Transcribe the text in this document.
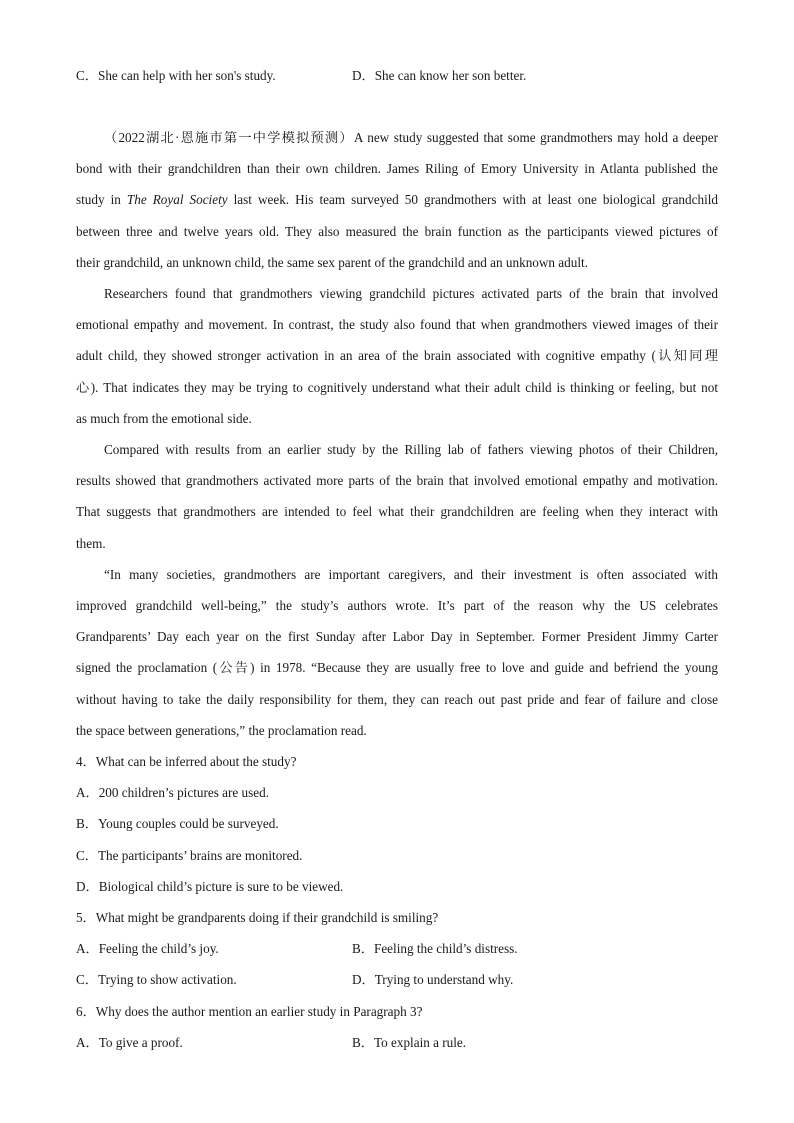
C．She can help with her son's study.	D．She can know her son better.
（2022湖北·恩施市第一中学模拟预测）A new study suggested that some grandmothers may hold a deeper
bond with their grandchildren than their own children. James Riling of Emory University in Atlanta published the
study in The Royal Society last week. His team surveyed 50 grandmothers with at least one biological grandchild
between three and twelve years old. They also measured the brain function as the participants viewed pictures of
their grandchild, an unknown child, the same sex parent of the grandchild and an unknown adult.
Researchers found that grandmothers viewing grandchild pictures activated parts of the brain that involved
emotional empathy and movement. In contrast, the study also found that when grandmothers viewed images of their
adult child, they showed stronger activation in an area of the brain associated with cognitive empathy (认知同理
心). That indicates they may be trying to cognitively understand what their adult child is thinking or feeling, but not
as much from the emotional side.
Compared with results from an earlier study by the Rilling lab of fathers viewing photos of their Children,
results showed that grandmothers activated more parts of the brain that involved emotional empathy and motivation.
That suggests that grandmothers are intended to feel what their grandchildren are feeling when they interact with
them.
“In many societies, grandmothers are important caregivers, and their investment is often associated with
improved grandchild well-being,” the study’s authors wrote. It’s part of the reason why the US celebrates
Grandparents’ Day each year on the first Sunday after Labor Day in September. Former President Jimmy Carter
signed the proclamation (公告) in 1978. “Because they are usually free to love and guide and befriend the young
without having to take the daily responsibility for them, they can reach out past pride and fear of failure and close
the space between generations,” the proclamation read.
4．What can be inferred about the study?
A．200 children’s pictures are used.
B．Young couples could be surveyed.
C．The participants’ brains are monitored.
D．Biological child’s picture is sure to be viewed.
5．What might be grandparents doing if their grandchild is smiling?
A．Feeling the child’s joy.	B．Feeling the child’s distress.
C．Trying to show activation.	D．Trying to understand why.
6．Why does the author mention an earlier study in Paragraph 3?
A．To give a proof.	B．To explain a rule.
